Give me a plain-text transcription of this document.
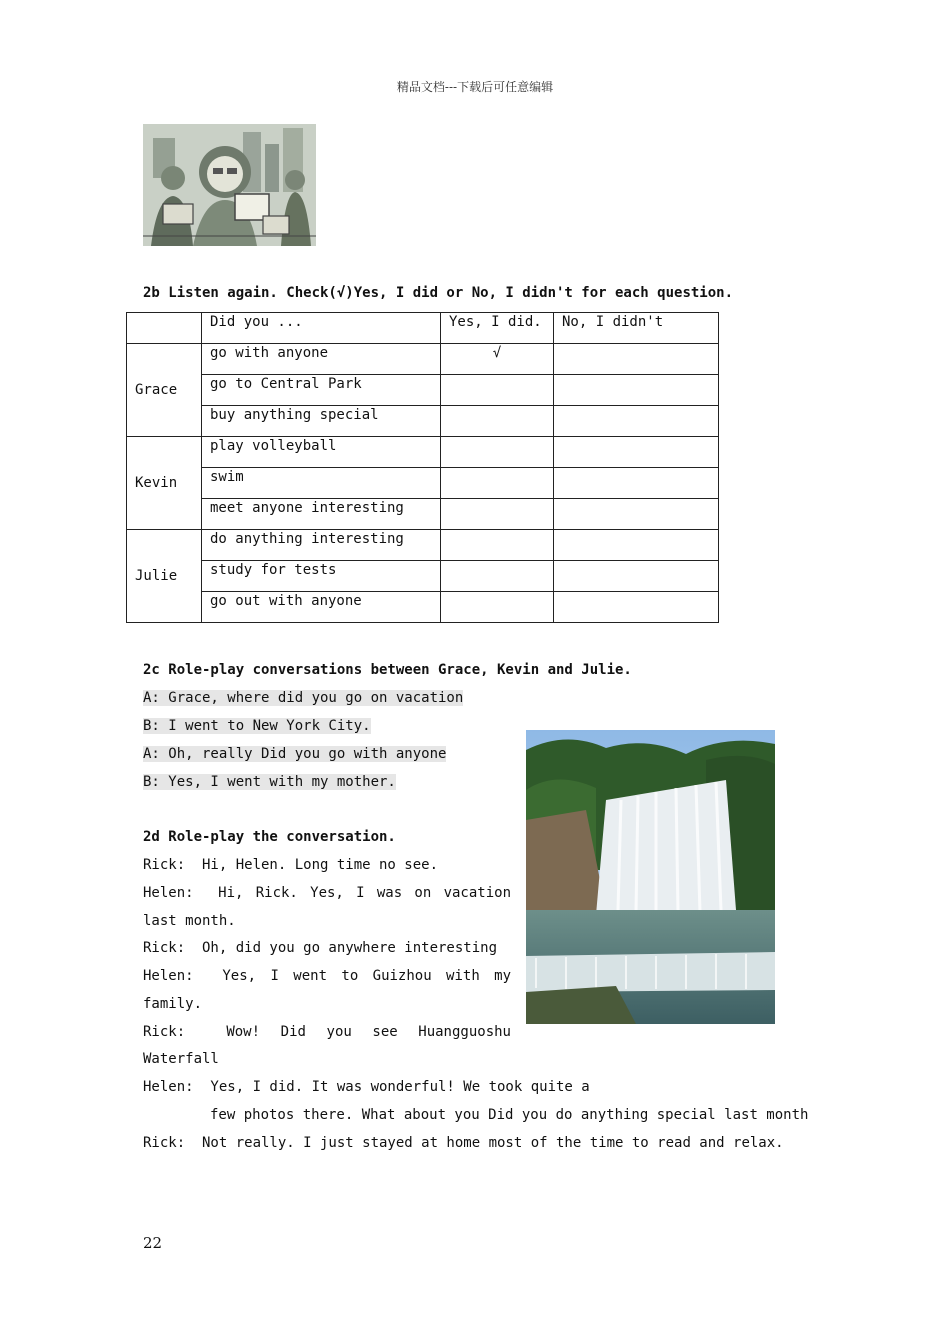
精品文档---下载后可任意编辑
2b Listen again. Check(√)Yes, I did or No, I didn't for each question.
	Did you ...	Yes, I did.	No, I didn't
Grace	go with anyone	√	
	go to Central Park		
	buy anything special		
Kevin	play volleyball		
	swim		
	meet anyone interesting		
Julie	do anything interesting		
	study for tests		
	go out with anyone		
2c Role-play conversations between Grace, Kevin and Julie.
A: Grace, where did you go on vacation
B: I went to New York City.
A: Oh, really Did you go with anyone
B: Yes, I went with my mother.
2d Role-play the conversation.
Rick:  Hi, Helen. Long time no see.
Helen:  Hi, Rick. Yes, I was on vacation
last month.
Rick:  Oh, did you go anywhere interesting
Helen:  Yes, I went to Guizhou with my
family.
Rick:  Wow! Did you see Huangguoshu
Waterfall
Helen:  Yes, I did. It was wonderful! We took quite a
few photos there. What about you Did you do anything special last month
Rick:  Not really. I just stayed at home most of the time to read and relax.
22
